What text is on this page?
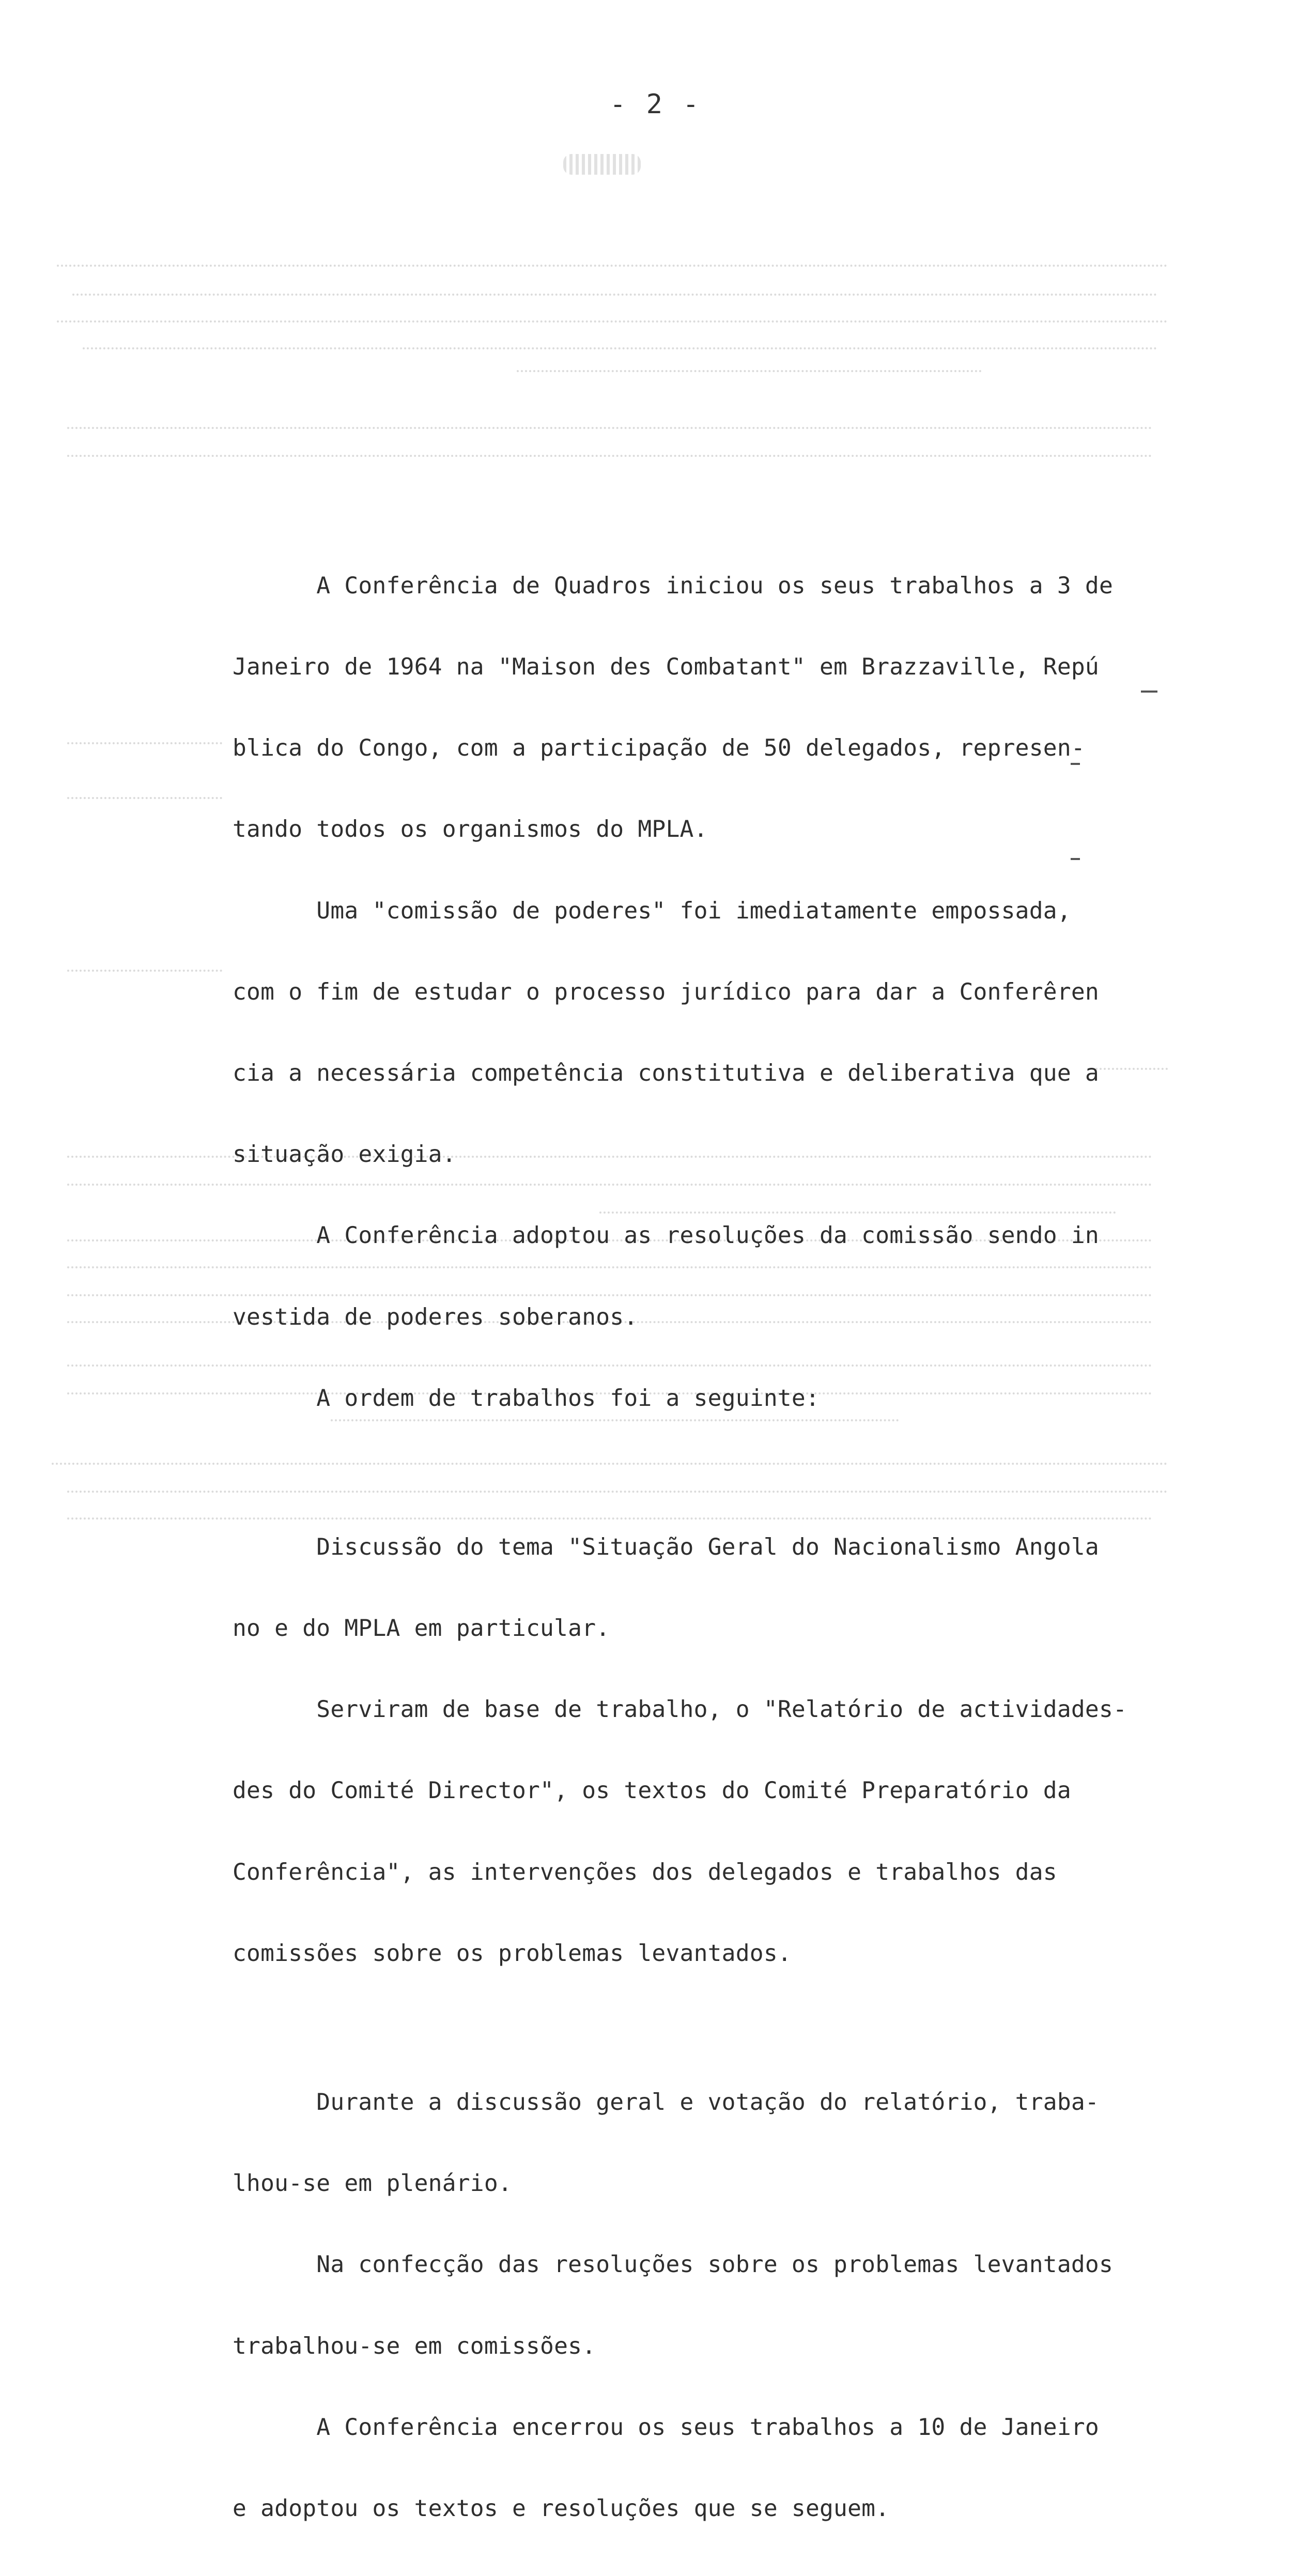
- 2 -

A Conferência de Quadros iniciou os seus trabalhos a 3 de

Janeiro de 1964 na "Maison des Combatant" em Brazzaville, Repú

blica do Congo, com a participação de 50 delegados, represen-

tando todos os organismos do MPLA.

Uma "comissão de poderes" foi imediatamente empossada,

com o fim de estudar o processo jurídico para dar a Conferêren

cia a necessária competência constitutiva e deliberativa que a

situação exigia.

A Conferência adoptou as resoluções da comissão sendo in

vestida de poderes soberanos.

A ordem de trabalhos foi a seguinte:

Discussão do tema "Situação Geral do Nacionalismo Angola

no e do MPLA em particular.

Serviram de base de trabalho, o "Relatório de actividades-

des do Comité Director", os textos do Comité Preparatório da

Conferência", as intervenções dos delegados e trabalhos das

comissões sobre os problemas levantados.

Durante a discussão geral e votação do relatório, traba-

lhou-se em plenário.

Na confecção das resoluções sobre os problemas levantados

trabalhou-se em comissões.

A Conferência encerrou os seus trabalhos a 10 de Janeiro

e adoptou os textos e resoluções que se seguem.
